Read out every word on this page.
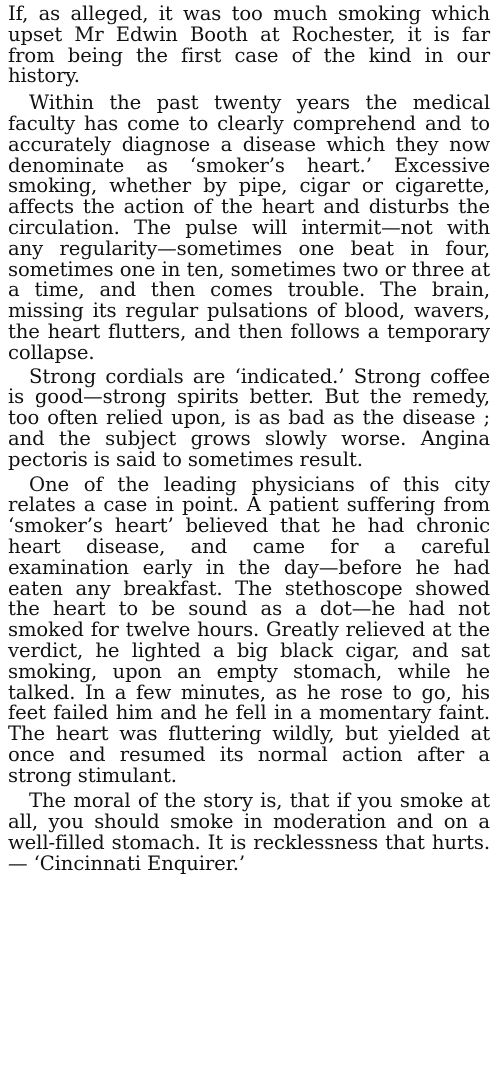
If, as alleged, it was too much smoking which upset Mr Edwin Booth at Rochester, it is far from being the first case of the kind in our history.

Within the past twenty years the medical faculty has come to clearly comprehend and to accurately diagnose a disease which they now denominate as ‘smoker’s heart.’ Excessive smoking, whether by pipe, cigar or cigarette, affects the action of the heart and disturbs the circulation. The pulse will intermit—not with any regularity—sometimes one beat in four, sometimes one in ten, sometimes two or three at a time, and then comes trouble. The brain, missing its regular pulsations of blood, wavers, the heart flutters, and then follows a temporary collapse.

Strong cordials are ‘indicated.’ Strong coffee is good—strong spirits better. But the remedy, too often relied upon, is as bad as the disease ; and the subject grows slowly worse. Angina pectoris is said to sometimes result.

One of the leading physicians of this city relates a case in point. A patient suffering from ‘smoker’s heart’ believed that he had chronic heart disease, and came for a careful examination early in the day—before he had eaten any breakfast. The stethoscope showed the heart to be sound as a dot—he had not smoked for twelve hours. Greatly relieved at the verdict, he lighted a big black cigar, and sat smoking, upon an empty stomach, while he talked. In a few minutes, as he rose to go, his feet failed him and he fell in a momentary faint. The heart was fluttering wildly, but yielded at once and resumed its normal action after a strong stimulant.

The moral of the story is, that if you smoke at all, you should smoke in moderation and on a well-filled stomach. It is recklessness that hurts. — ‘Cincinnati Enquirer.’
